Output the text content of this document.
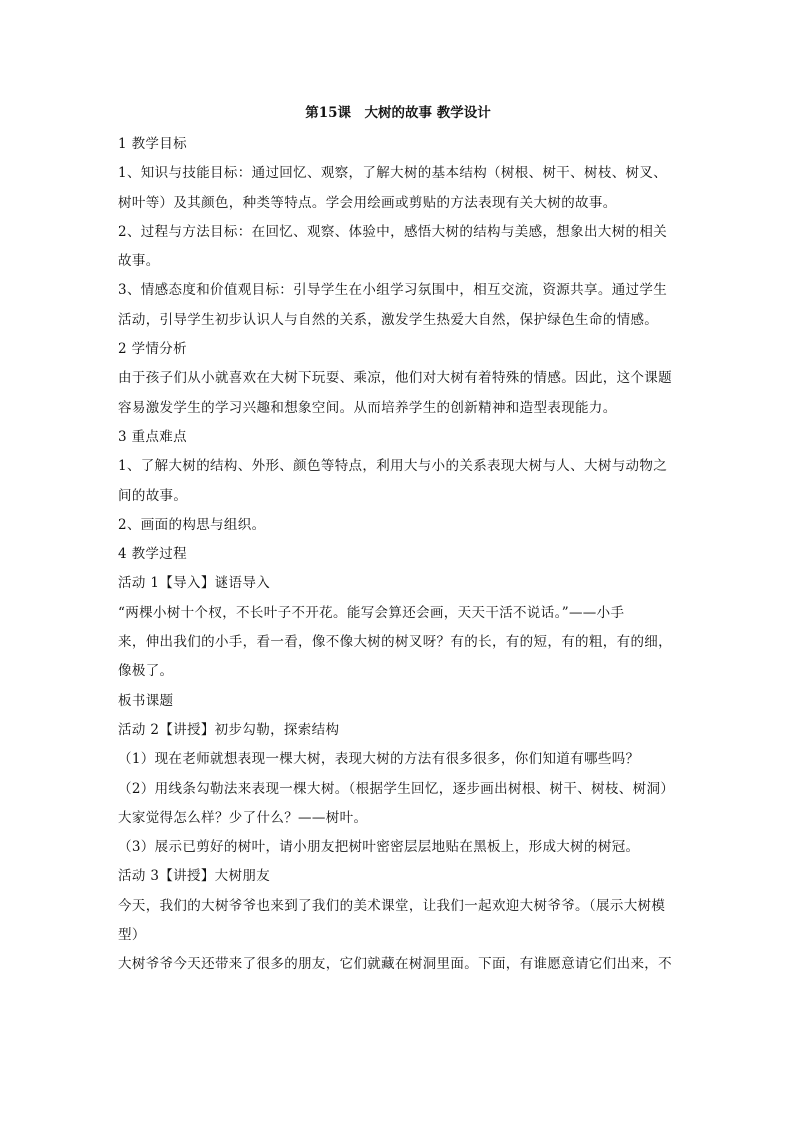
第15课　大树的故事 教学设计
1 教学目标
1、知识与技能目标：通过回忆、观察，了解大树的基本结构（树根、树干、树枝、树叉、
树叶等）及其颜色，种类等特点。学会用绘画或剪贴的方法表现有关大树的故事。
2、过程与方法目标：在回忆、观察、体验中，感悟大树的结构与美感，想象出大树的相关
故事。
3、情感态度和价值观目标：引导学生在小组学习氛围中，相互交流，资源共享。通过学生
活动，引导学生初步认识人与自然的关系，激发学生热爱大自然，保护绿色生命的情感。
2 学情分析
由于孩子们从小就喜欢在大树下玩耍、乘凉，他们对大树有着特殊的情感。因此，这个课题
容易激发学生的学习兴趣和想象空间。从而培养学生的创新精神和造型表现能力。
3 重点难点
1、了解大树的结构、外形、颜色等特点，利用大与小的关系表现大树与人、大树与动物之
间的故事。
2、画面的构思与组织。
4 教学过程
活动 1【导入】谜语导入
“两棵小树十个杈，不长叶子不开花。能写会算还会画，天天干活不说话。”——小手
来，伸出我们的小手，看一看，像不像大树的树叉呀？有的长，有的短，有的粗，有的细，
像极了。
板书课题
活动 2【讲授】初步勾勒，探索结构
（1）现在老师就想表现一棵大树，表现大树的方法有很多很多，你们知道有哪些吗？
（2）用线条勾勒法来表现一棵大树。（根据学生回忆，逐步画出树根、树干、树枝、树洞）
大家觉得怎么样？少了什么？——树叶。
（3）展示已剪好的树叶，请小朋友把树叶密密层层地贴在黑板上，形成大树的树冠。
活动 3【讲授】大树朋友
今天，我们的大树爷爷也来到了我们的美术课堂，让我们一起欢迎大树爷爷。（展示大树模
型）
大树爷爷今天还带来了很多的朋友，它们就藏在树洞里面。下面，有谁愿意请它们出来，不
